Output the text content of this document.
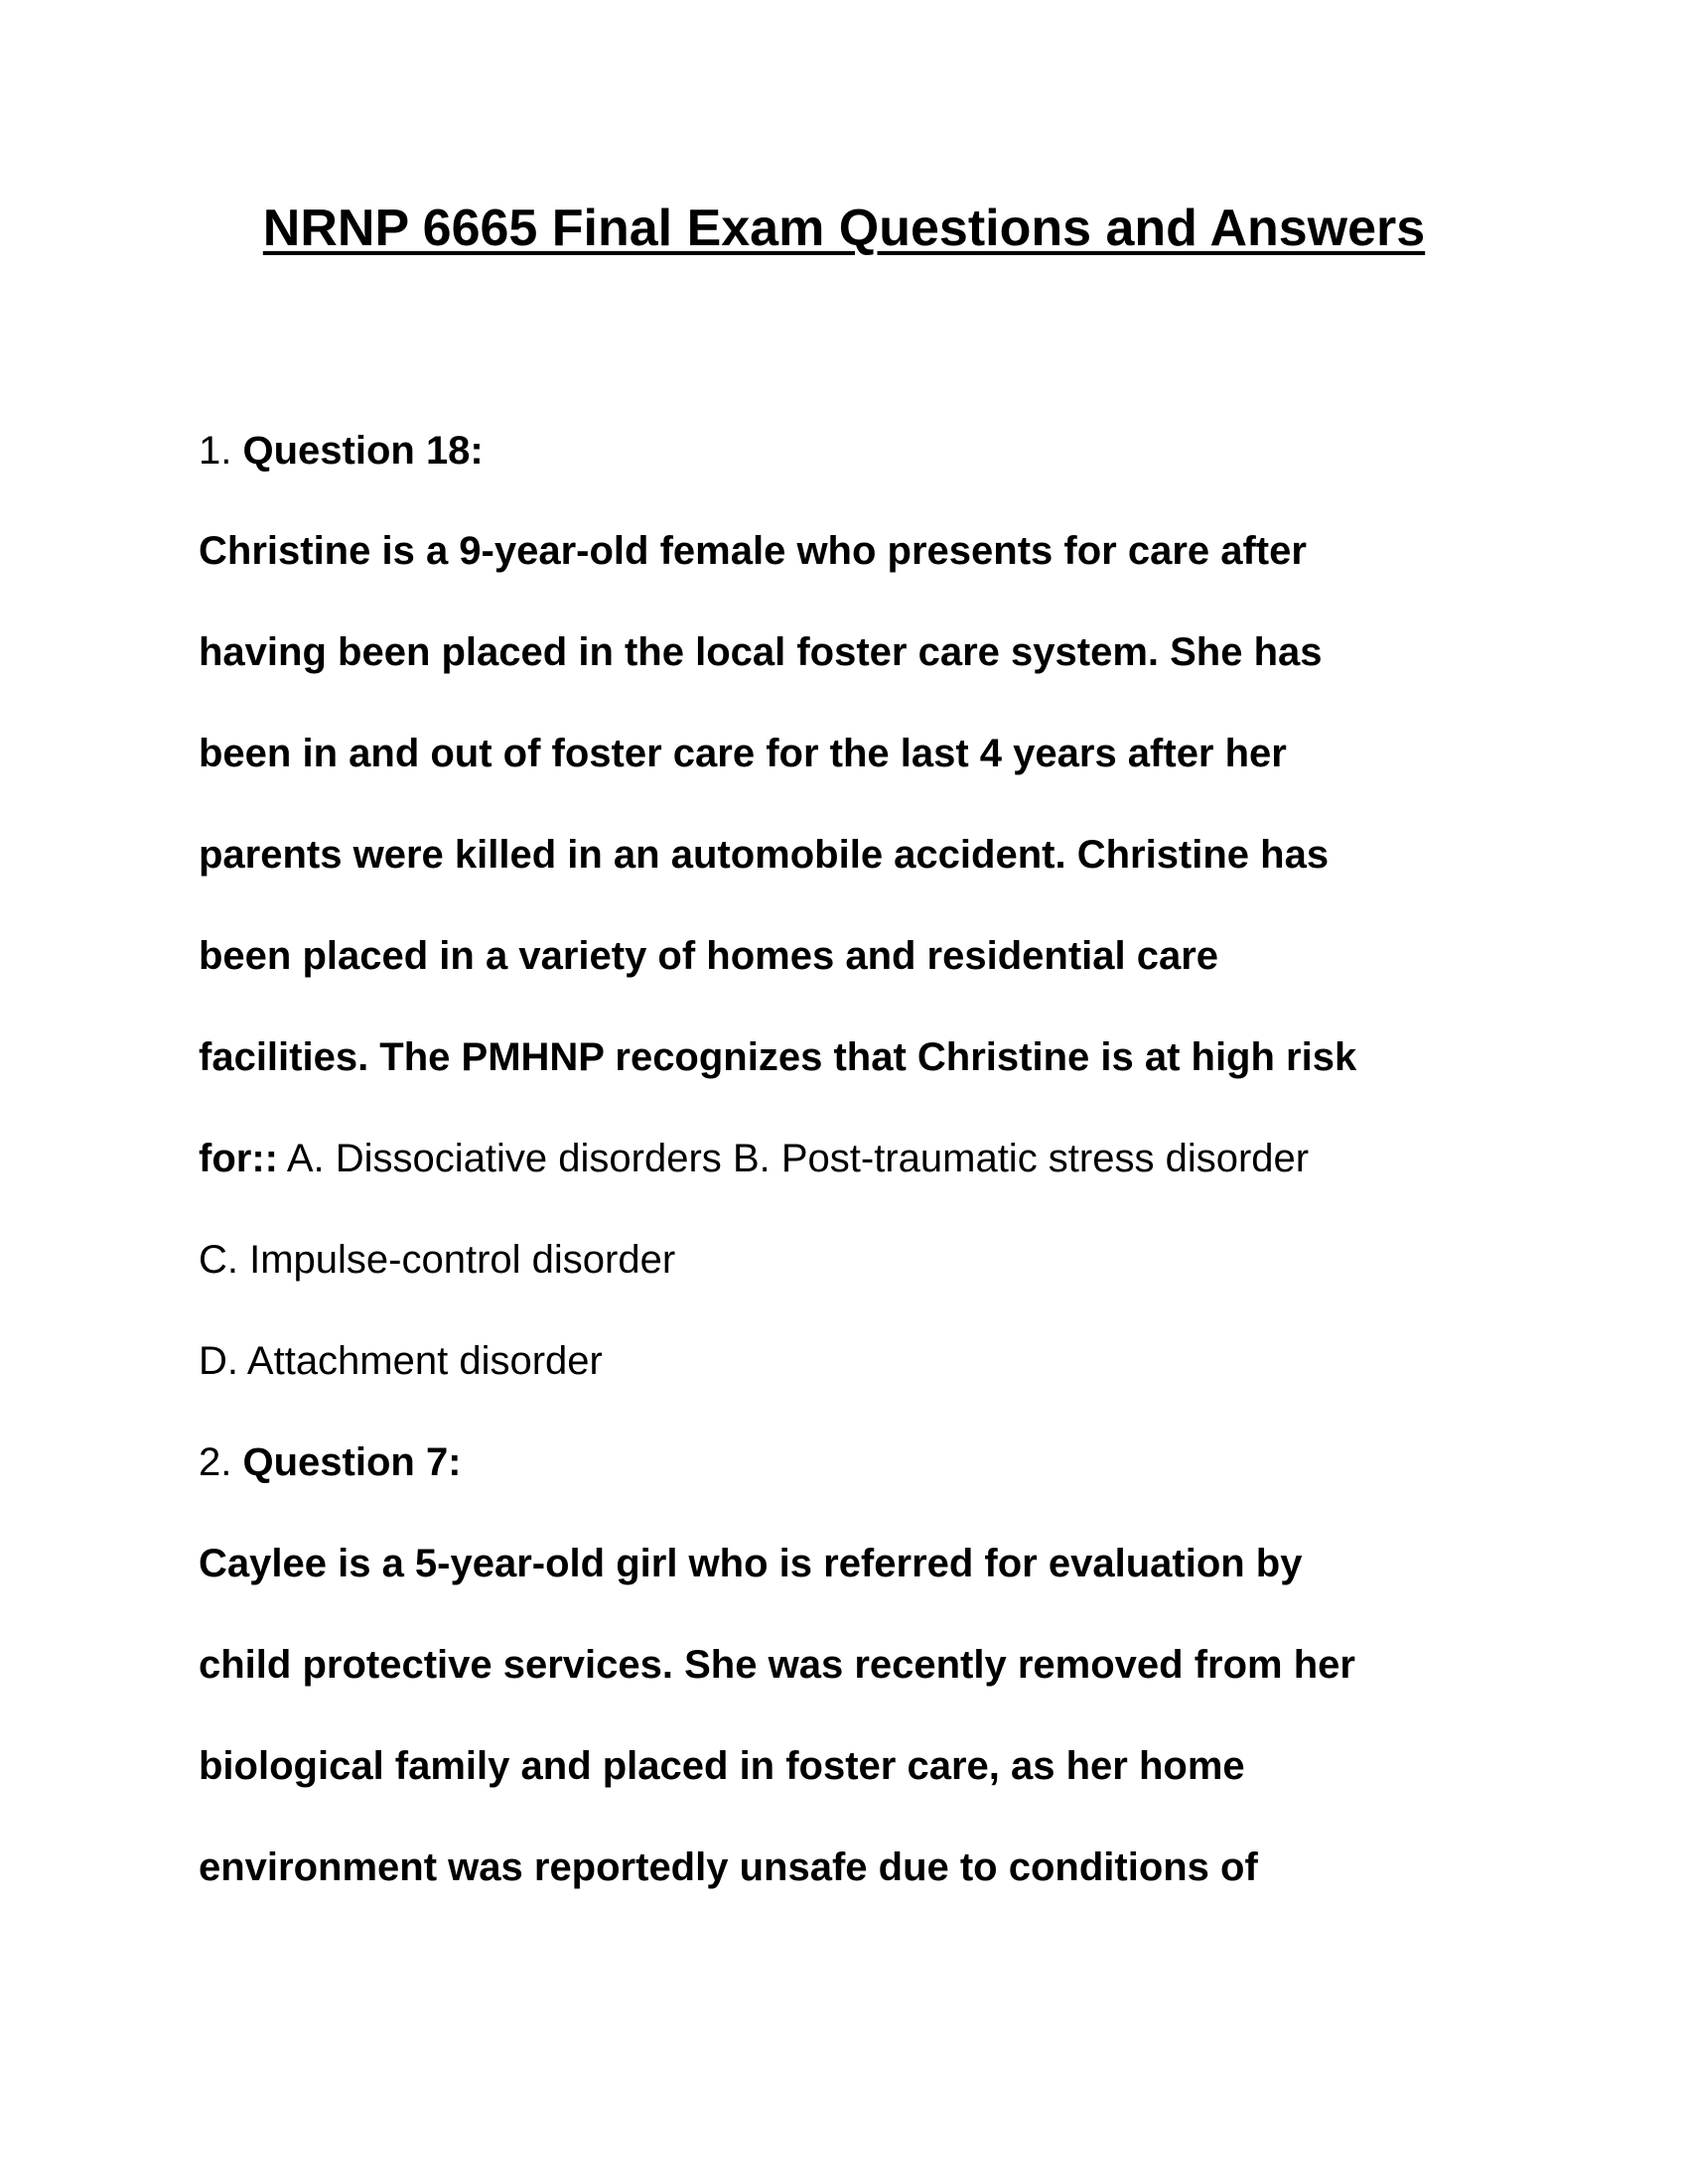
NRNP 6665 Final Exam Questions and Answers
1. Question 18:
Christine is a 9-year-old female who presents for care after
having been placed in the local foster care system. She has
been in and out of foster care for the last 4 years after her
parents were killed in an automobile accident. Christine has
been placed in a variety of homes and residential care
facilities. The PMHNP recognizes that Christine is at high risk
for:: A. Dissociative disorders B. Post-traumatic stress disorder
C. Impulse-control disorder
D. Attachment disorder
2. Question 7:
Caylee is a 5-year-old girl who is referred for evaluation by
child protective services. She was recently removed from her
biological family and placed in foster care, as her home
environment was reportedly unsafe due to conditions of
